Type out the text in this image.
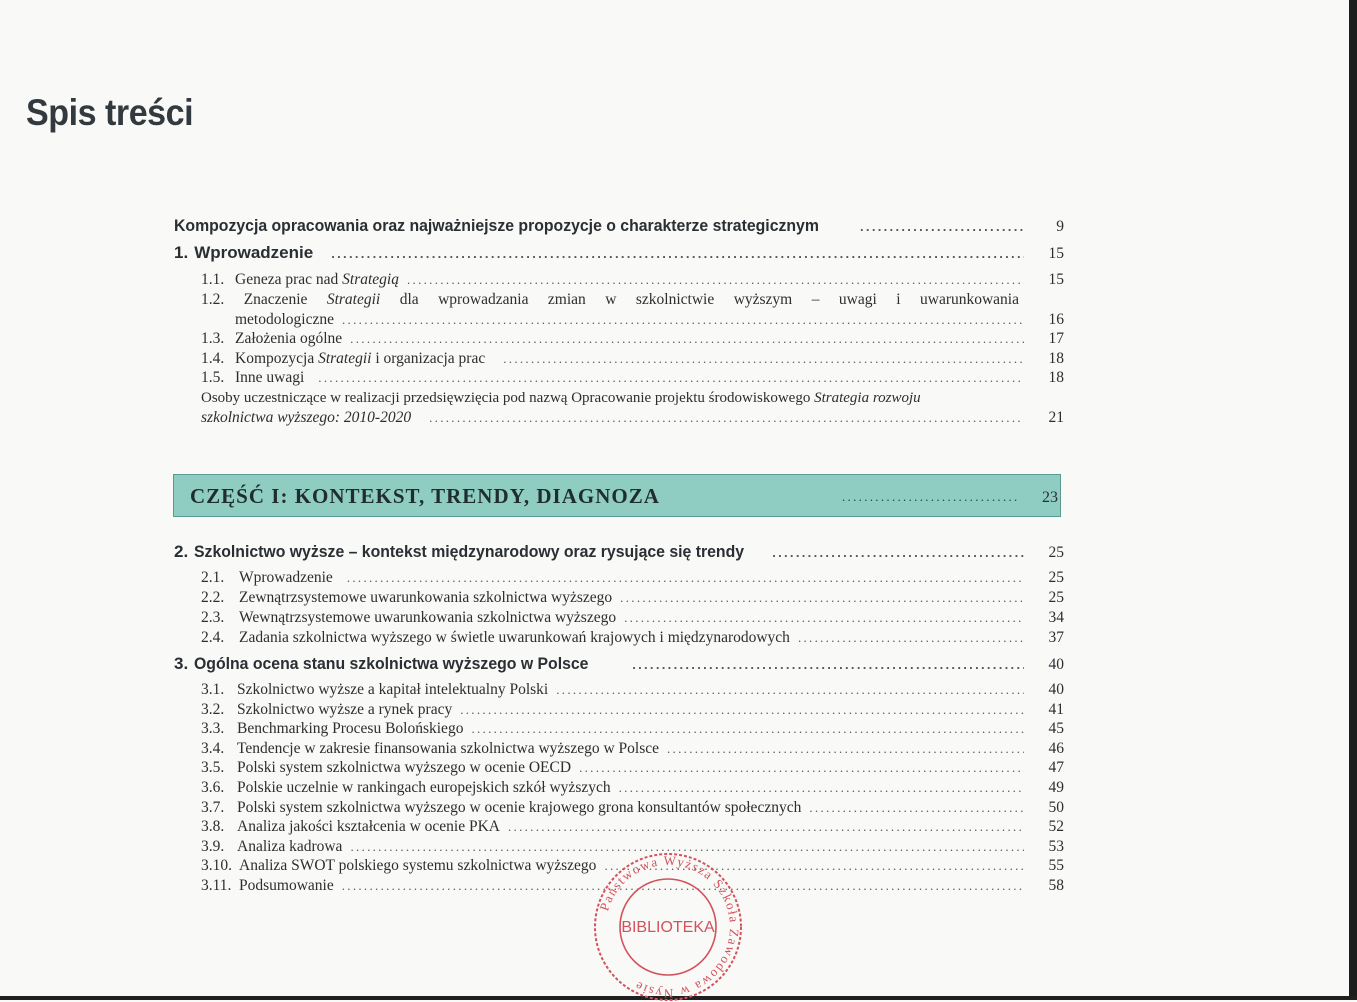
Spis treści
Kompozycja opracowania oraz najważniejsze propozycje o charakterze strategicznym .....	9
1. Wprowadzenie .....	15
1.1. Geneza prac nad Strategią .....	15
1.2. Znaczenie Strategii dla wprowadzania zmian w szkolnictwie wyższym – uwagi i uwarunkowania
metodologiczne .....	16
1.3. Założenia ogólne .....	17
1.4. Kompozycja Strategii i organizacja prac .....	18
1.5. Inne uwagi .....	18
Osoby uczestniczące w realizacji przedsięwzięcia pod nazwą Opracowanie projektu środowiskowego Strategia rozwoju
szkolnictwa wyższego: 2010-2020 .....	21
CZĘŚĆ I: KONTEKST, TRENDY, DIAGNOZA .....	23
2. Szkolnictwo wyższe – kontekst międzynarodowy oraz rysujące się trendy .....	25
2.1. Wprowadzenie .....	25
2.2. Zewnątrzsystemowe uwarunkowania szkolnictwa wyższego .....	25
2.3. Wewnątrzsystemowe uwarunkowania szkolnictwa wyższego .....	34
2.4. Zadania szkolnictwa wyższego w świetle uwarunkowań krajowych i międzynarodowych .....	37
3. Ogólna ocena stanu szkolnictwa wyższego w Polsce .....	40
3.1. Szkolnictwo wyższe a kapitał intelektualny Polski .....	40
3.2. Szkolnictwo wyższe a rynek pracy .....	41
3.3. Benchmarking Procesu Bolońskiego .....	45
3.4. Tendencje w zakresie finansowania szkolnictwa wyższego w Polsce .....	46
3.5. Polski system szkolnictwa wyższego w ocenie OECD .....	47
3.6. Polskie uczelnie w rankingach europejskich szkół wyższych .....	49
3.7. Polski system szkolnictwa wyższego w ocenie krajowego grona konsultantów społecznych .....	50
3.8. Analiza jakości kształcenia w ocenie PKA .....	52
3.9. Analiza kadrowa .....	53
3.10. Analiza SWOT polskiego systemu szkolnictwa wyższego .....	55
3.11. Podsumowanie .....	58
Państwowa Wyższa Szkoła Zawodowa w Nysie
BIBLIOTEKA
